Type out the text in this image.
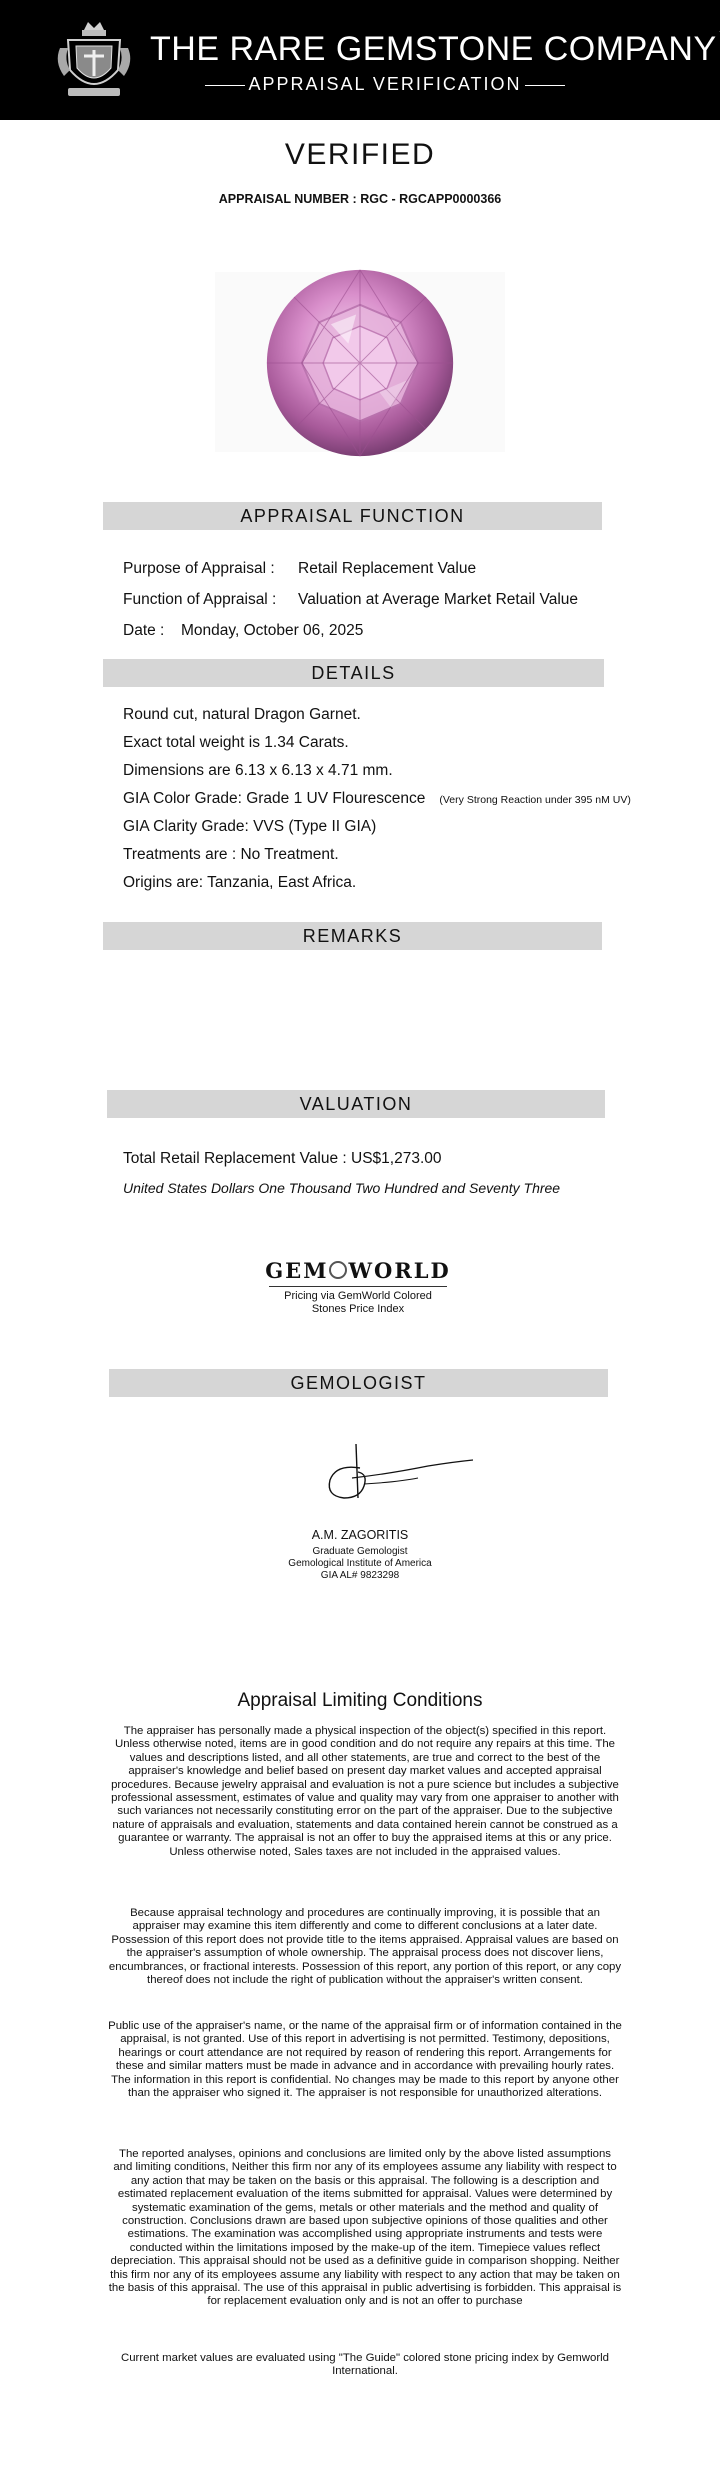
THE RARE GEMSTONE COMPANY ™
APPRAISAL VERIFICATION
VERIFIED
APPRAISAL NUMBER : RGC - RGCAPP0000366
APPRAISAL FUNCTION
Purpose of Appraisal : Retail Replacement Value
Function of Appraisal : Valuation at Average Market Retail Value
Date : Monday, October 06, 2025
DETAILS
Round cut, natural Dragon Garnet.
Exact total weight is 1.34 Carats.
Dimensions are 6.13 x 6.13 x 4.71 mm.
GIA Color Grade: Grade 1 UV Flourescence (Very Strong Reaction under 395 nM UV)
GIA Clarity Grade: VVS (Type II GIA)
Treatments are : No Treatment.
Origins are: Tanzania, East Africa.
REMARKS
VALUATION
Total Retail Replacement Value : US$1,273.00
United States Dollars One Thousand Two Hundred and Seventy Three
GEM WORLD
Pricing via GemWorld Colored
Stones Price Index
GEMOLOGIST
A.M. ZAGORITIS
Graduate Gemologist
Gemological Institute of America
GIA AL# 9823298
Appraisal Limiting Conditions
The appraiser has personally made a physical inspection of the object(s) specified in this report. Unless otherwise noted, items are in good condition and do not require any repairs at this time. The values and descriptions listed, and all other statements, are true and correct to the best of the appraiser's knowledge and belief based on present day market values and accepted appraisal procedures. Because jewelry appraisal and evaluation is not a pure science but includes a subjective professional assessment, estimates of value and quality may vary from one appraiser to another with such variances not necessarily constituting error on the part of the appraiser. Due to the subjective nature of appraisals and evaluation, statements and data contained herein cannot be construed as a guarantee or warranty. The appraisal is not an offer to buy the appraised items at this or any price. Unless otherwise noted, Sales taxes are not included in the appraised values.
Because appraisal technology and procedures are continually improving, it is possible that an appraiser may examine this item differently and come to different conclusions at a later date. Possession of this report does not provide title to the items appraised. Appraisal values are based on the appraiser's assumption of whole ownership. The appraisal process does not discover liens, encumbrances, or fractional interests. Possession of this report, any portion of this report, or any copy thereof does not include the right of publication without the appraiser's written consent.
Public use of the appraiser's name, or the name of the appraisal firm or of information contained in the appraisal, is not granted. Use of this report in advertising is not permitted. Testimony, depositions, hearings or court attendance are not required by reason of rendering this report. Arrangements for these and similar matters must be made in advance and in accordance with prevailing hourly rates. The information in this report is confidential. No changes may be made to this report by anyone other than the appraiser who signed it. The appraiser is not responsible for unauthorized alterations.
The reported analyses, opinions and conclusions are limited only by the above listed assumptions and limiting conditions, Neither this firm nor any of its employees assume any liability with respect to any action that may be taken on the basis or this appraisal. The following is a description and estimated replacement evaluation of the items submitted for appraisal. Values were determined by systematic examination of the gems, metals or other materials and the method and quality of construction. Conclusions drawn are based upon subjective opinions of those qualities and other estimations. The examination was accomplished using appropriate instruments and tests were conducted within the limitations imposed by the make-up of the item. Timepiece values reflect depreciation. This appraisal should not be used as a definitive guide in comparison shopping. Neither this firm nor any of its employees assume any liability with respect to any action that may be taken on the basis of this appraisal. The use of this appraisal in public advertising is forbidden. This appraisal is for replacement evaluation only and is not an offer to purchase
Current market values are evaluated using "The Guide" colored stone pricing index by Gemworld International.
